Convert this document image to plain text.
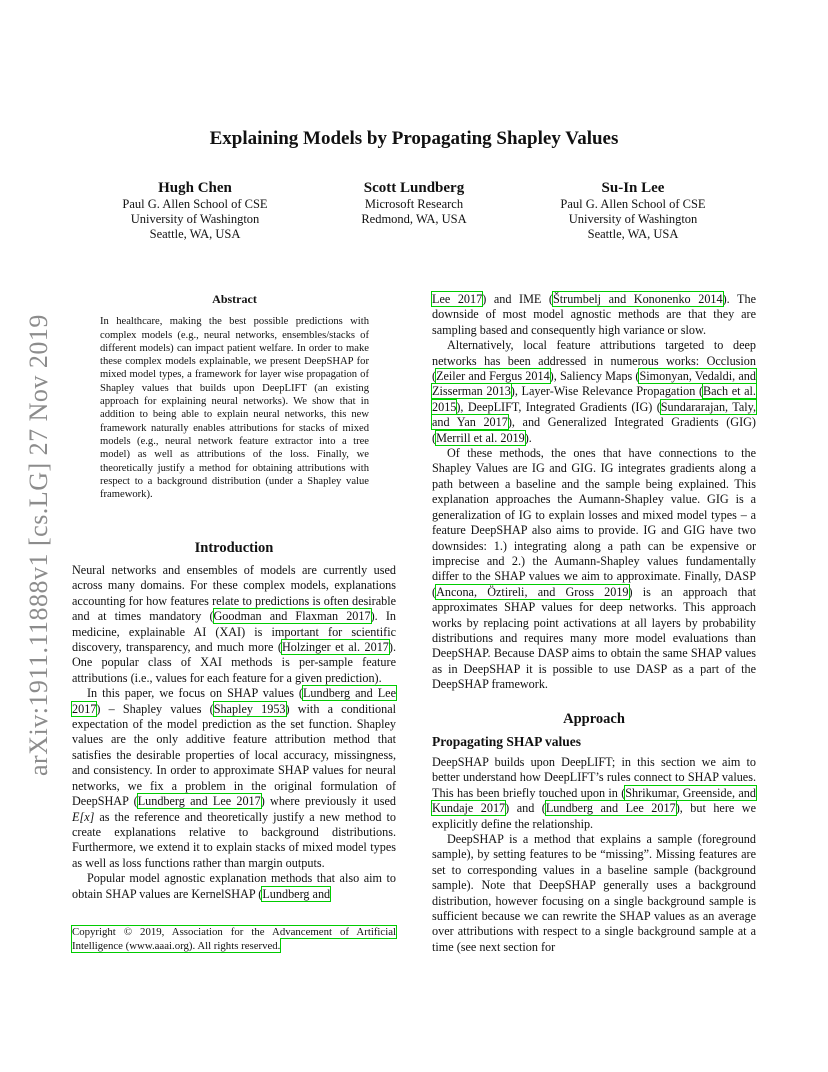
arXiv:1911.11888v1 [cs.LG] 27 Nov 2019
Explaining Models by Propagating Shapley Values
Hugh Chen
Paul G. Allen School of CSE
University of Washington
Seattle, WA, USA
Scott Lundberg
Microsoft Research
Redmond, WA, USA
Su-In Lee
Paul G. Allen School of CSE
University of Washington
Seattle, WA, USA
Abstract
In healthcare, making the best possible predictions with complex models (e.g., neural networks, ensembles/stacks of different models) can impact patient welfare. In order to make these complex models explainable, we present DeepSHAP for mixed model types, a framework for layer wise propagation of Shapley values that builds upon DeepLIFT (an existing approach for explaining neural networks). We show that in addition to being able to explain neural networks, this new framework naturally enables attributions for stacks of mixed models (e.g., neural network feature extractor into a tree model) as well as attributions of the loss. Finally, we theoretically justify a method for obtaining attributions with respect to a background distribution (under a Shapley value framework).
Introduction

Neural networks and ensembles of models are currently used across many domains. For these complex models, explanations accounting for how features relate to predictions is often desirable and at times mandatory (Goodman and Flaxman 2017). In medicine, explainable AI (XAI) is important for scientific discovery, transparency, and much more (Holzinger et al. 2017). One popular class of XAI methods is per-sample feature attributions (i.e., values for each feature for a given prediction).

In this paper, we focus on SHAP values (Lundberg and Lee 2017) – Shapley values (Shapley 1953) with a conditional expectation of the model prediction as the set function. Shapley values are the only additive feature attribution method that satisfies the desirable properties of local accuracy, missingness, and consistency. In order to approximate SHAP values for neural networks, we fix a problem in the original formulation of DeepSHAP (Lundberg and Lee 2017) where previously it used E[x] as the reference and theoretically justify a new method to create explanations relative to background distributions. Furthermore, we extend it to explain stacks of mixed model types as well as loss functions rather than margin outputs.

Popular model agnostic explanation methods that also aim to obtain SHAP values are KernelSHAP (Lundberg and

Copyright © 2019, Association for the Advancement of Artificial Intelligence (www.aaai.org). All rights reserved.

Lee 2017) and IME (Štrumbelj and Kononenko 2014). The downside of most model agnostic methods are that they are sampling based and consequently high variance or slow.

Alternatively, local feature attributions targeted to deep networks has been addressed in numerous works: Occlusion (Zeiler and Fergus 2014), Saliency Maps (Simonyan, Vedaldi, and Zisserman 2013), Layer-Wise Relevance Propagation (Bach et al. 2015), DeepLIFT, Integrated Gradients (IG) (Sundararajan, Taly, and Yan 2017), and Generalized Integrated Gradients (GIG) (Merrill et al. 2019).

Of these methods, the ones that have connections to the Shapley Values are IG and GIG. IG integrates gradients along a path between a baseline and the sample being explained. This explanation approaches the Aumann-Shapley value. GIG is a generalization of IG to explain losses and mixed model types – a feature DeepSHAP also aims to provide. IG and GIG have two downsides: 1.) integrating along a path can be expensive or imprecise and 2.) the Aumann-Shapley values fundamentally differ to the SHAP values we aim to approximate. Finally, DASP (Ancona, Öztireli, and Gross 2019) is an approach that approximates SHAP values for deep networks. This approach works by replacing point activations at all layers by probability distributions and requires many more model evaluations than DeepSHAP. Because DASP aims to obtain the same SHAP values as in DeepSHAP it is possible to use DASP as a part of the DeepSHAP framework.

Approach
Propagating SHAP values

DeepSHAP builds upon DeepLIFT; in this section we aim to better understand how DeepLIFT’s rules connect to SHAP values. This has been briefly touched upon in (Shrikumar, Greenside, and Kundaje 2017) and (Lundberg and Lee 2017), but here we explicitly define the relationship.

DeepSHAP is a method that explains a sample (foreground sample), by setting features to be “missing”. Missing features are set to corresponding values in a baseline sample (background sample). Note that DeepSHAP generally uses a background distribution, however focusing on a single background sample is sufficient because we can rewrite the SHAP values as an average over attributions with respect to a single background sample at a time (see next section for
